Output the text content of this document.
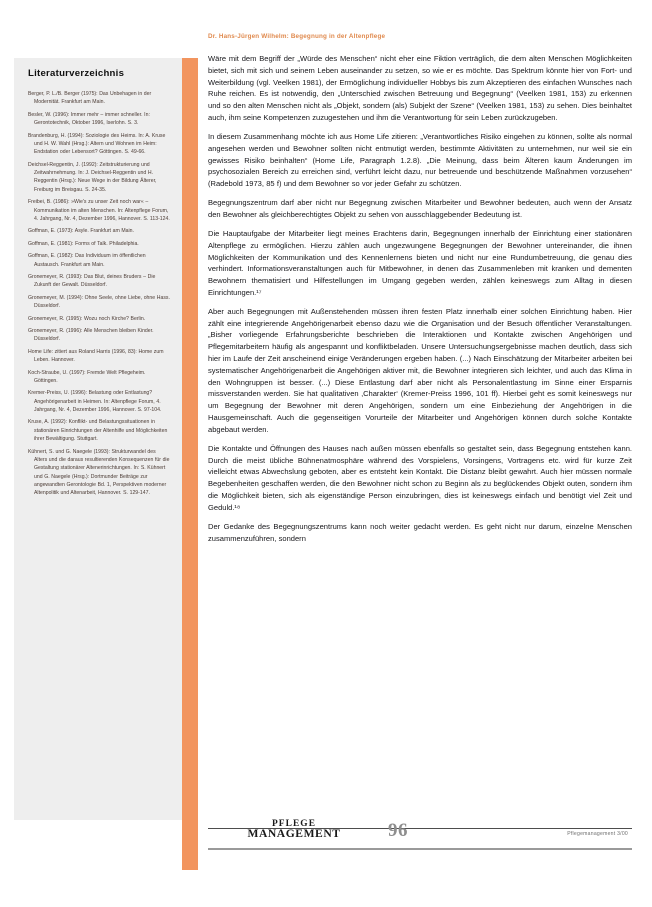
Dr. Hans-Jürgen Wilhelm: Begegnung in der Altenpflege
Literaturverzeichnis
Berger, P. L./B. Berger (1975): Das Unbehagen in der Modernität. Frankfurt am Main.
Besler, W. (1996): Immer mehr – immer schneller. In: Gerontotechnik, Oktober 1996, Iserlohn. S. 3.
Brandenburg, H. (1994): Soziologie des Heims. In: A. Kruse und H. W. Wahl (Hrsg.): Altern und Wohnen im Heim: Endstation oder Lebensort? Göttingen. S. 49-66.
Deichsel-Reggentin, J. (1992): Zeitstrukturierung und Zeitwahrnehmung. In: J. Deichsel-Reggentin und H. Reggentin (Hrsg.): Neue Wege in der Bildung Älterer, Freiburg im Breisgau. S. 24-35.
Freibei, B. (1986): »Wie's zu unser Zeit noch war« – Kommunikation im alten Menschen. In: Altenpflege Forum, 4. Jahrgang, Nr. 4, Dezember 1996, Hannover. S. 113-124.
Goffman, E. (1973): Asyle. Frankfurt am Main.
Goffman, E. (1981): Forms of Talk. Philadelphia.
Goffman, E. (1982): Das Individuum im öffentlichen Austausch. Frankfurt am Main.
Gronemeyer, R. (1993): Das Blut, deines Bruders – Die Zukunft der Gewalt. Düsseldorf.
Gronemeyer, M. (1994): Ohne Seele, ohne Liebe, ohne Hass. Düsseldorf.
Gronemeyer, R. (1995): Wozu noch Kirche? Berlin.
Gronemeyer, R. (1996): Alle Menschen bleiben Kinder. Düsseldorf.
Home Life: zitiert aus Roland Harris (1996, 83): Home zum Leben. Hannover.
Koch-Straube, U. (1997): Fremde Welt Pflegeheim. Göttingen.
Kremer-Preiss, U. (1996): Belastung oder Entlastung? Angehörigenarbeit in Heimen. In: Altenpflege Forum, 4. Jahrgang, Nr. 4, Dezember 1996, Hannover. S. 97-104.
Kruse, A. (1992): Konflikt- und Belastungssituationen in stationären Einrichtungen der Altenhilfe und Möglichkeiten ihrer Bewältigung. Stuttgart.
Kühnert, S. und G. Naegele (1993): Strukturwandel des Alters und die daraus resultierenden Konsequenzen für die Gestaltung stationärer Altenerinrichtungen. In: S. Kühnert und G. Naegele (Hrsg.): Dortmunder Beiträge zur angewandten Gerontologie Bd. 1, Perspektiven moderner Altenpolitik und Altenarbeit, Hannover. S. 129-147.

Wäre mit dem Begriff der „Würde des Menschen“ nicht eher eine Fiktion verträglich, die dem alten Menschen Möglichkeiten bietet, sich mit sich und seinem Leben auseinander zu setzen, so wie er es möchte. Das Spektrum könnte hier von Fort- und Weiterbildung (vgl. Veelken 1981), der Ermöglichung individueller Hobbys bis zum Akzeptieren des einfachen Wunsches nach Ruhe reichen. Es ist notwendig, den „Unterschied zwischen Betreuung und Begegnung“ (Veelken 1981, 153) zu erkennen und so den alten Menschen nicht als „Objekt, sondern (als) Subjekt der Szene“ (Veelken 1981, 153) zu sehen. Dies beinhaltet auch, ihm seine Kompetenzen zuzugestehen und ihm die Verantwortung für sein Leben zurückzugeben.

In diesem Zusammenhang möchte ich aus Home Life zitieren: „Verantwortliches Risiko eingehen zu können, sollte als normal angesehen werden und Bewohner sollten nicht entmutigt werden, bestimmte Aktivitäten zu unternehmen, nur weil sie ein gewisses Risiko beinhalten“ (Home Life, Paragraph 1.2.8). „Die Meinung, dass beim Älteren kaum Änderungen im psychosozialen Bereich zu erreichen sind, verführt leicht dazu, nur betreuende und beschützende Maßnahmen vorzusehen“ (Radebold 1973, 85 f) und dem Bewohner so vor jeder Gefahr zu schützen.

Begegnungszentrum darf aber nicht nur Begegnung zwischen Mitarbeiter und Bewohner bedeuten, auch wenn der Ansatz den Bewohner als gleichberechtigtes Objekt zu sehen von ausschlaggebender Bedeutung ist.

Die Hauptaufgabe der Mitarbeiter liegt meines Erachtens darin, Begegnungen innerhalb der Einrichtung einer stationären Altenpflege zu ermöglichen. Hierzu zählen auch ungezwungene Begegnungen der Bewohner untereinander, die ihnen Möglichkeiten der Kommunikation und des Kennenlernens bieten und nicht nur eine Rundumbetreuung, die genau dies verhindert. Informationsveranstaltungen auch für Mitbewohner, in denen das Zusammenleben mit kranken und dementen Bewohnern thematisiert und Hilfestellungen im Umgang gegeben werden, zählen keineswegs zum Alltag in diesen Einrichtungen.¹⁷

Aber auch Begegnungen mit Außenstehenden müssen ihren festen Platz innerhalb einer solchen Einrichtung haben. Hier zählt eine integrierende Angehörigenarbeit ebenso dazu wie die Organisation und der Besuch öffentlicher Veranstaltungen. „Bisher vorliegende Erfahrungsberichte beschrieben die Interaktionen und Kontakte zwischen Angehörigen und Pflegemitarbeitern häufig als angespannt und konfliktbeladen. Unsere Untersuchungsergebnisse machen deutlich, dass sich hier im Laufe der Zeit anscheinend einige Veränderungen ergeben haben. (...) Nach Einschätzung der Mitarbeiter arbeiten bei systematischer Angehörigenarbeit die Angehörigen aktiver mit, die Bewohner integrieren sich leichter, und auch das Klima in den Wohngruppen ist besser. (...) Diese Entlastung darf aber nicht als Personalentlastung im Sinne einer Ersparnis missverstanden werden. Sie hat qualitativen ‚Charakter‘ (Kremer-Preiss 1996, 101 ff). Hierbei geht es somit keineswegs nur um Begegnung der Bewohner mit deren Angehörigen, sondern um eine Einbeziehung der Angehörigen in die Hausgemeinschaft. Auch die gegenseitigen Vorurteile der Mitarbeiter und Angehörigen können durch solche Kontakte abgebaut werden.

Die Kontakte und Öffnungen des Hauses nach außen müssen ebenfalls so gestaltet sein, dass Begegnung entstehen kann. Durch die meist übliche Bühnenatmosphäre während des Vorspielens, Vorsingens, Vortragens etc. wird für kurze Zeit vielleicht etwas Abwechslung geboten, aber es entsteht kein Kontakt. Die Distanz bleibt gewahrt. Auch hier müssen normale Begebenheiten geschaffen werden, die den Bewohner nicht schon zu Beginn als zu beglückendes Objekt outen, sondern ihm die Möglichkeit bieten, sich als eigenständige Person einzubringen, dies ist keineswegs einfach und benötigt viel Zeit und Geduld.¹⁸

Der Gedanke des Begegnungszentrums kann noch weiter gedacht werden. Es geht nicht nur darum, einzelne Menschen zusammenzuführen, sondern

PFLEGE
MANAGEMENT	96	Pflegemanagement 3/00
